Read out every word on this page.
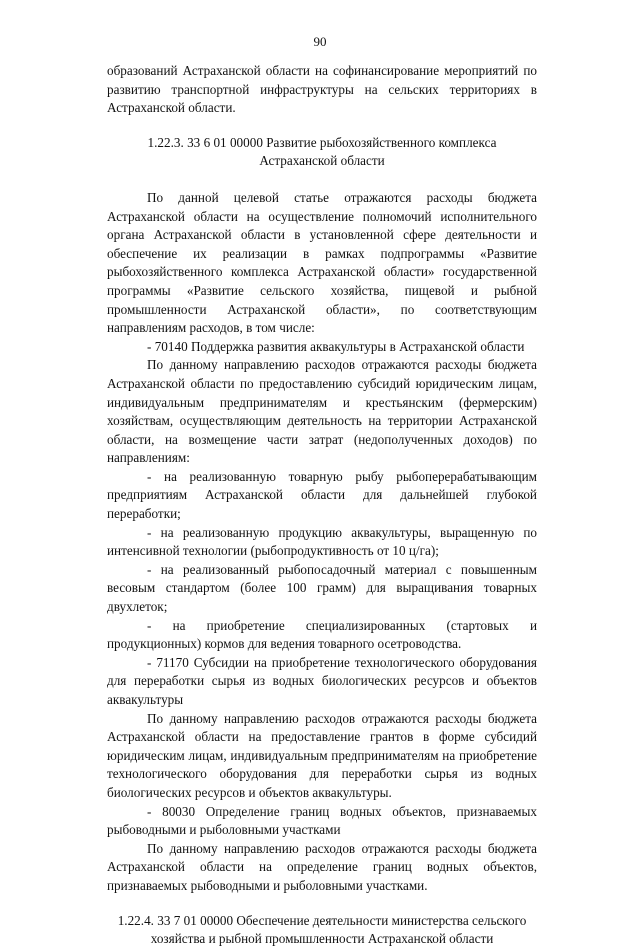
90

образований Астраханской области на софинансирование мероприятий по развитию транспортной инфраструктуры на сельских территориях в Астраханской области.

1.22.3. 33 6 01 00000 Развитие рыбохозяйственного комплекса Астраханской области

По данной целевой статье отражаются расходы бюджета Астраханской области на осуществление полномочий исполнительного органа Астраханской области в установленной сфере деятельности и обеспечение их реализации в рамках подпрограммы «Развитие рыбохозяйственного комплекса Астраханской области» государственной программы «Развитие сельского хозяйства, пищевой и рыбной промышленности Астраханской области», по соответствующим направлениям расходов, в том числе:

- 70140 Поддержка развития аквакультуры в Астраханской области

По данному направлению расходов отражаются расходы бюджета Астраханской области по предоставлению субсидий юридическим лицам, индивидуальным предпринимателям и крестьянским (фермерским) хозяйствам, осуществляющим деятельность на территории Астраханской области, на возмещение части затрат (недополученных доходов) по направлениям:

- на реализованную товарную рыбу рыбоперерабатывающим предприятиям Астраханской области для дальнейшей глубокой переработки;

- на реализованную продукцию аквакультуры, выращенную по интенсивной технологии (рыбопродуктивность от 10 ц/га);

- на реализованный рыбопосадочный материал с повышенным весовым стандартом (более 100 грамм) для выращивания товарных двухлеток;

- на приобретение специализированных (стартовых и продукционных) кормов для ведения товарного осетроводства.

- 71170 Субсидии на приобретение технологического оборудования для переработки сырья из водных биологических ресурсов и объектов аквакультуры

По данному направлению расходов отражаются расходы бюджета Астраханской области на предоставление грантов в форме субсидий юридическим лицам, индивидуальным предпринимателям на приобретение технологического оборудования для переработки сырья из водных биологических ресурсов и объектов аквакультуры.

- 80030 Определение границ водных объектов, признаваемых рыбоводными и рыболовными участками

По данному направлению расходов отражаются расходы бюджета Астраханской области на определение границ водных объектов, признаваемых рыбоводными и рыболовными участками.

1.22.4. 33 7 01 00000 Обеспечение деятельности министерства сельского хозяйства и рыбной промышленности Астраханской области
